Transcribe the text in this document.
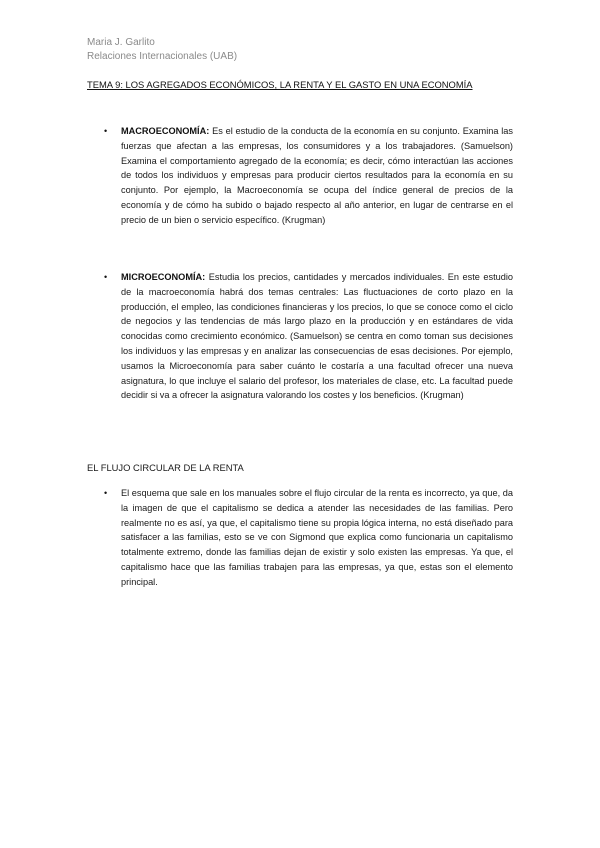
Maria J. Garlito
Relaciones Internacionales (UAB)
TEMA 9: LOS AGREGADOS ECONÓMICOS, LA RENTA Y EL GASTO EN UNA ECONOMÍA
• MACROECONOMÍA: Es el estudio de la conducta de la economía en su conjunto. Examina las fuerzas que afectan a las empresas, los consumidores y a los trabajadores. (Samuelson) Examina el comportamiento agregado de la economía; es decir, cómo interactúan las acciones de todos los individuos y empresas para producir ciertos resultados para la economía en su conjunto. Por ejemplo, la Macroeconomía se ocupa del índice general de precios de la economía y de cómo ha subido o bajado respecto al año anterior, en lugar de centrarse en el precio de un bien o servicio específico. (Krugman)
• MICROECONOMÍA: Estudia los precios, cantidades y mercados individuales. En este estudio de la macroeconomía habrá dos temas centrales: Las fluctuaciones de corto plazo en la producción, el empleo, las condiciones financieras y los precios, lo que se conoce como el ciclo de negocios y las tendencias de más largo plazo en la producción y en estándares de vida conocidas como crecimiento económico. (Samuelson) se centra en como toman sus decisiones los individuos y las empresas y en analizar las consecuencias de esas decisiones. Por ejemplo, usamos la Microeconomía para saber cuánto le costaría a una facultad ofrecer una nueva asignatura, lo que incluye el salario del profesor, los materiales de clase, etc. La facultad puede decidir si va a ofrecer la asignatura valorando los costes y los beneficios. (Krugman)
EL FLUJO CIRCULAR DE LA RENTA
• El esquema que sale en los manuales sobre el flujo circular de la renta es incorrecto, ya que, da la imagen de que el capitalismo se dedica a atender las necesidades de las familias. Pero realmente no es así, ya que, el capitalismo tiene su propia lógica interna, no está diseñado para satisfacer a las familias, esto se ve con Sigmond que explica como funcionaria un capitalismo totalmente extremo, donde las familias dejan de existir y solo existen las empresas. Ya que, el capitalismo hace que las familias trabajen para las empresas, ya que, estas son el elemento principal.
